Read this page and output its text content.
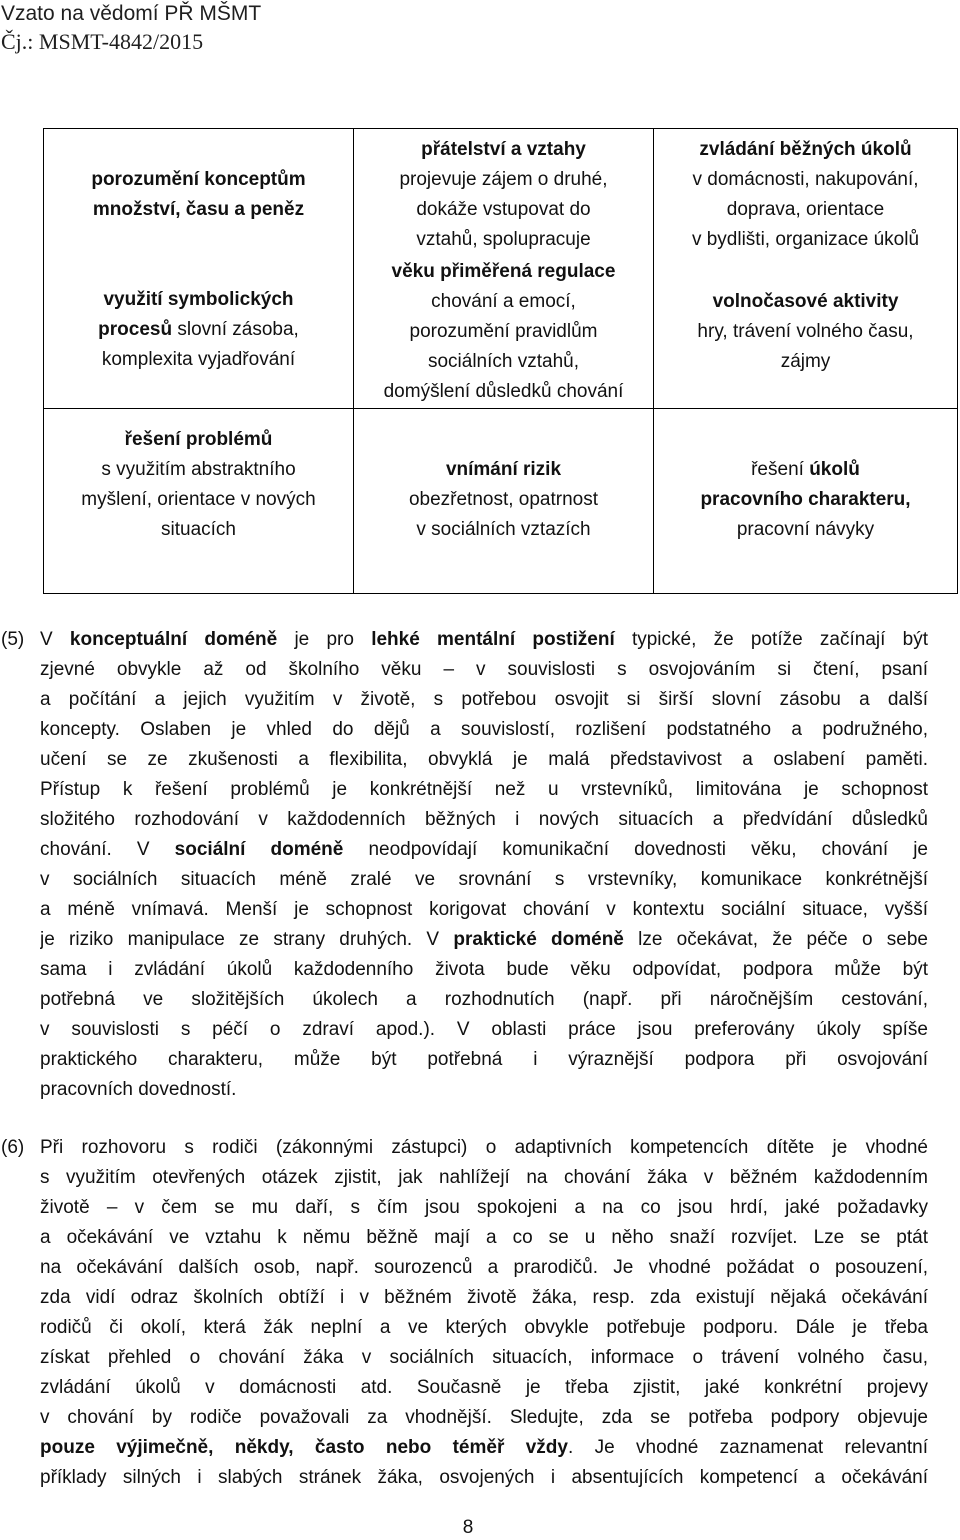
Vzato na vědomí PŘ MŠMT
Čj.: MSMT-4842/2015
porozumění konceptům
množství, času a peněz
využití symbolických
procesů slovní zásoba,
komplexita vyjadřování
řešení problémů
s využitím abstraktního
myšlení, orientace v nových
situacích
přátelství a vztahy
projevuje zájem o druhé,
dokáže vstupovat do
vztahů, spolupracuje
věku přiměřená regulace
chování a emocí,
porozumění pravidlům
sociálních vztahů,
domýšlení důsledků chování
vnímání rizik
obezřetnost, opatrnost
v sociálních vztazích
zvládání běžných úkolů
v domácnosti, nakupování,
doprava, orientace
v bydlišti, organizace úkolů
volnočasové aktivity
hry, trávení volného času,
zájmy
řešení úkolů
pracovního charakteru,
pracovní návyky
(5) V konceptuální doméně je pro lehké mentální postižení typické, že potíže začínají být
zjevné obvykle až od školního věku – v souvislosti s osvojováním si čtení, psaní
a počítání a jejich využitím v životě, s potřebou osvojit si širší slovní zásobu a další
koncepty. Oslaben je vhled do dějů a souvislostí, rozlišení podstatného a podružného,
učení se ze zkušenosti a flexibilita, obvyklá je malá představivost a oslabení paměti.
Přístup k řešení problémů je konkrétnější než u vrstevníků, limitována je schopnost
složitého rozhodování v každodenních běžných i nových situacích a předvídání důsledků
chování. V sociální doméně neodpovídají komunikační dovednosti věku, chování je
v sociálních situacích méně zralé ve srovnání s vrstevníky, komunikace konkrétnější
a méně vnímavá. Menší je schopnost korigovat chování v kontextu sociální situace, vyšší
je riziko manipulace ze strany druhých. V praktické doméně lze očekávat, že péče o sebe
sama i zvládání úkolů každodenního života bude věku odpovídat, podpora může být
potřebná ve složitějších úkolech a rozhodnutích (např. při náročnějším cestování,
v souvislosti s péčí o zdraví apod.). V oblasti práce jsou preferovány úkoly spíše
praktického charakteru, může být potřebná i výraznější podpora při osvojování
pracovních dovedností.
(6) Při rozhovoru s rodiči (zákonnými zástupci) o adaptivních kompetencích dítěte je vhodné
s využitím otevřených otázek zjistit, jak nahlížejí na chování žáka v běžném každodenním
životě – v čem se mu daří, s čím jsou spokojeni a na co jsou hrdí, jaké požadavky
a očekávání ve vztahu k němu běžně mají a co se u něho snaží rozvíjet. Lze se ptát
na očekávání dalších osob, např. sourozenců a prarodičů. Je vhodné požádat o posouzení,
zda vidí odraz školních obtíží i v běžném životě žáka, resp. zda existují nějaká očekávání
rodičů či okolí, která žák neplní a ve kterých obvykle potřebuje podporu. Dále je třeba
získat přehled o chování žáka v sociálních situacích, informace o trávení volného času,
zvládání úkolů v domácnosti atd. Současně je třeba zjistit, jaké konkrétní projevy
v chování by rodiče považovali za vhodnější. Sledujte, zda se potřeba podpory objevuje
pouze výjimečně, někdy, často nebo téměř vždy. Je vhodné zaznamenat relevantní
příklady silných i slabých stránek žáka, osvojených i absentujících kompetencí a očekávání
8
